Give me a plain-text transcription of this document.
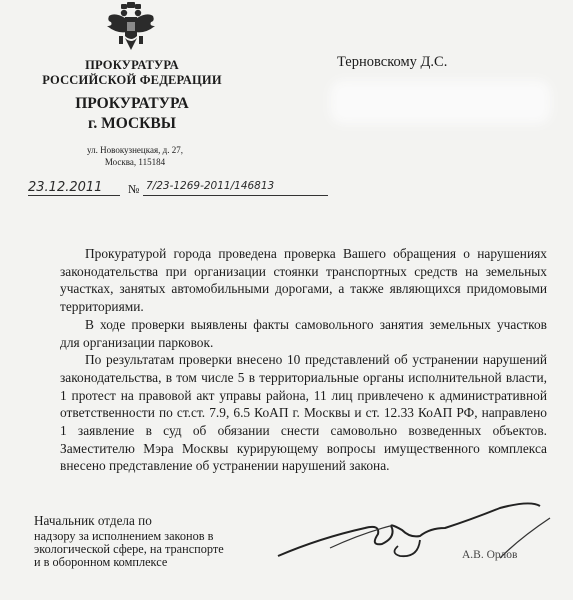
ПРОКУРАТУРА
РОССИЙСКОЙ ФЕДЕРАЦИИ
ПРОКУРАТУРА
г. МОСКВЫ
ул. Новокузнецкая, д. 27,
Москва, 115184
23.12.2011 № 7/23-1269-2011/146813
Терновскому Д.С.

Прокуратурой города проведена проверка Вашего обращения о нарушениях законодательства при организации стоянки транспортных средств на земельных участках, занятых автомобильными дорогами, а также являющихся придомовыми территориями.

В ходе проверки выявлены факты самовольного занятия земельных участков для организации парковок.

По результатам проверки внесено 10 представлений об устранении нарушений законодательства, в том числе 5 в территориальные органы исполнительной власти, 1 протест на правовой акт управы района, 11 лиц привлечено к административной ответственности по ст.ст. 7.9, 6.5 КоАП г. Москвы и ст. 12.33 КоАП РФ, направлено 1 заявление в суд об обязании снести самовольно возведенных объектов. Заместителю Мэра Москвы курирующему вопросы имущественного комплекса внесено представление об устранении нарушений закона.

Начальник отдела по
надзору за исполнением законов в
экологической сфере, на транспорте
и в оборонном комплексе	А.В. Орлов
